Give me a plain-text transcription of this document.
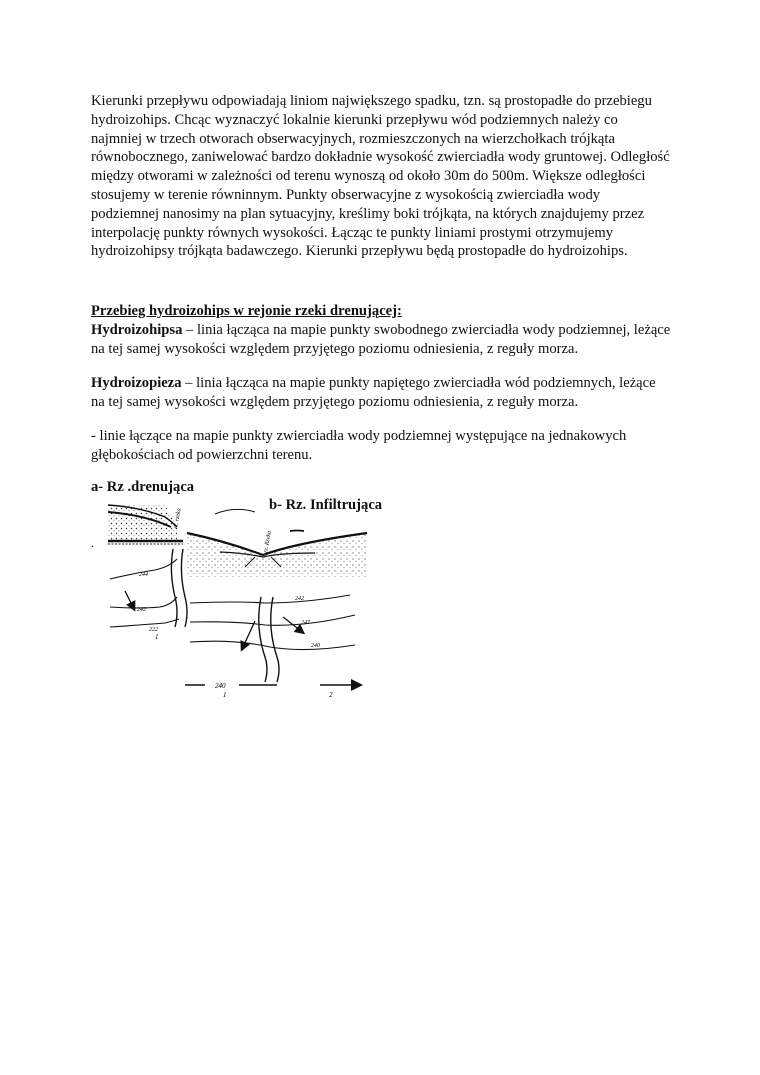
Kierunki przepływu odpowiadają liniom największego spadku, tzn. są prostopadłe do przebiegu hydroizohips. Chcąc wyznaczyć lokalnie kierunki przepływu wód podziemnych należy co najmniej w trzech otworach obserwacyjnych, rozmieszczonych na wierzchołkach trójkąta równobocznego, zaniwelować bardzo dokładnie wysokość zwierciadła wody gruntowej. Odległość między otworami w zależności od terenu wynoszą od około 30m do 500m. Większe odległości stosujemy w terenie równinnym. Punkty obserwacyjne z wysokością zwierciadła wody podziemnej nanosimy na plan sytuacyjny, kreślimy boki trójkąta, na których znajdujemy przez interpolację punkty równych wysokości. Łącząc te punkty liniami prostymi otrzymujemy hydroizohipsy trójkąta badawczego. Kierunki przepływu będą prostopadłe do hydroizohips.

Przebieg hydroizohips w rejonie rzeki drenującej:

Hydroizohipsa – linia łącząca na mapie punkty swobodnego zwierciadła wody podziemnej, leżące na tej samej wysokości względem przyjętego poziomu odniesienia, z reguły morza.

Hydroizopieza – linia łącząca na mapie punkty napiętego zwierciadła wód podziemnych, leżące na tej samej wysokości względem przyjętego poziomu odniesienia, z reguły morza.

- linie łączące na mapie punkty zwierciadła wody podziemnej występujące na jednakowych głębokościach od powierzchni terenu.

a- Rz .drenująca
b- Rz. Infiltrująca
.
rz. rzeka
244
242
222
1
rz. Rzeka
242
247
240
240
1	2
